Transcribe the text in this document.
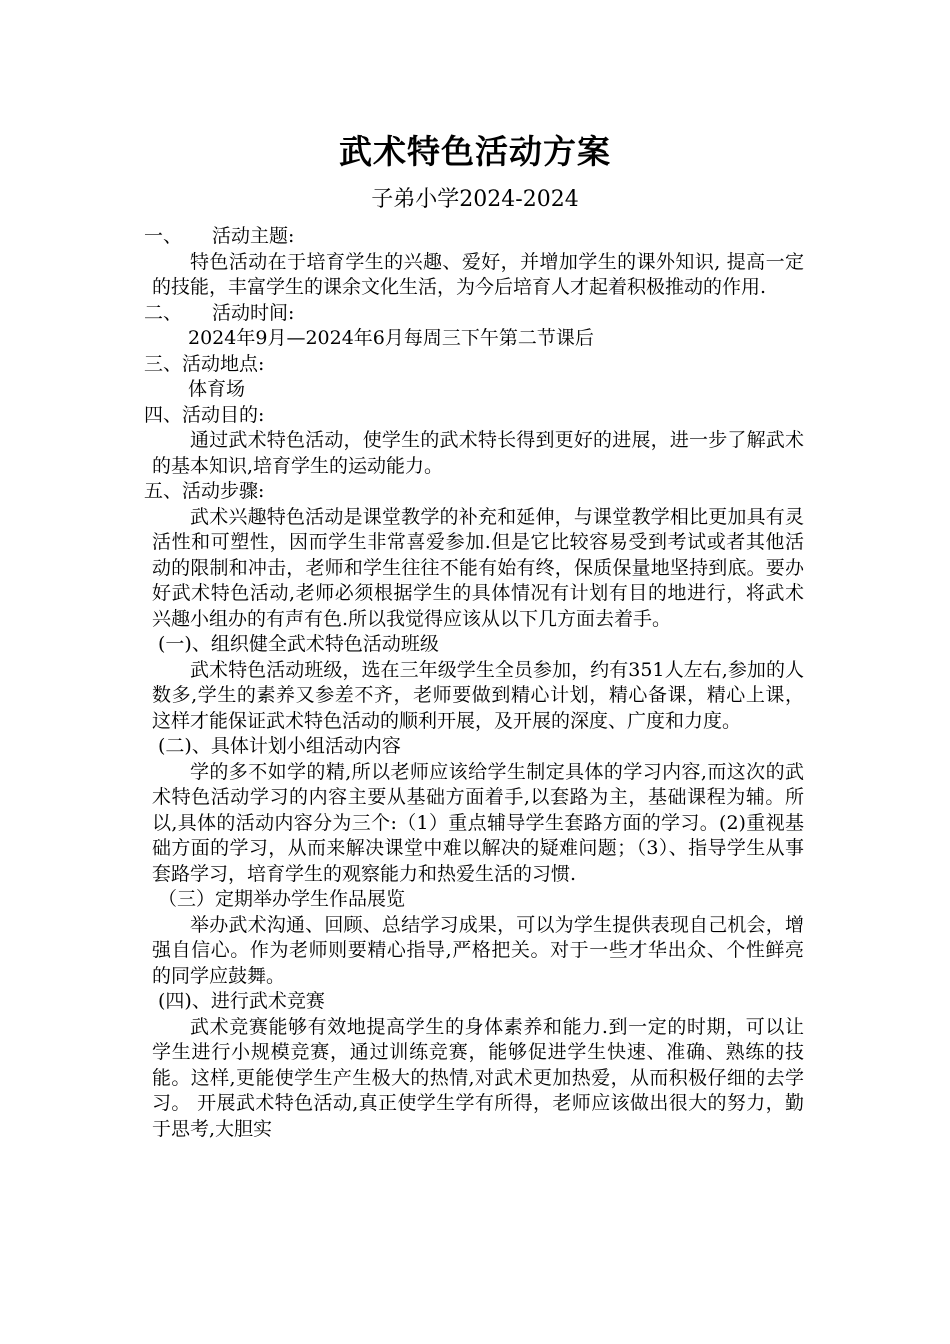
武术特色活动方案
子弟小学2024-2024
一、 活动主题:
特色活动在于培育学生的兴趣、爱好，并增加学生的课外知识, 提高一定的技能，丰富学生的课余文化生活，为今后培育人才起着积极推动的作用.
二、 活动时间:
2024年9月—2024年6月每周三下午第二节课后
三、活动地点:
体育场
四、活动目的:
通过武术特色活动，使学生的武术特长得到更好的进展，进一步了解武术的基本知识,培育学生的运动能力。
五、活动步骤:
武术兴趣特色活动是课堂教学的补充和延伸，与课堂教学相比更加具有灵活性和可塑性，因而学生非常喜爱参加.但是它比较容易受到考试或者其他活动的限制和冲击，老师和学生往往不能有始有终，保质保量地坚持到底。要办好武术特色活动,老师必须根据学生的具体情况有计划有目的地进行，将武术兴趣小组办的有声有色.所以我觉得应该从以下几方面去着手。
(一)、组织健全武术特色活动班级
武术特色活动班级，选在三年级学生全员参加，约有351人左右,参加的人数多,学生的素养又参差不齐，老师要做到精心计划，精心备课，精心上课，这样才能保证武术特色活动的顺利开展，及开展的深度、广度和力度。
(二)、具体计划小组活动内容
学的多不如学的精,所以老师应该给学生制定具体的学习内容,而这次的武术特色活动学习的内容主要从基础方面着手,以套路为主，基础课程为辅。所以,具体的活动内容分为三个:（1）重点辅导学生套路方面的学习。(2)重视基础方面的学习，从而来解决课堂中难以解决的疑难问题；（3）、指导学生从事套路学习，培育学生的观察能力和热爱生活的习惯.
（三）定期举办学生作品展览
举办武术沟通、回顾、总结学习成果，可以为学生提供表现自己机会，增强自信心。作为老师则要精心指导,严格把关。对于一些才华出众、个性鲜亮的同学应鼓舞。
(四)、进行武术竞赛
武术竞赛能够有效地提高学生的身体素养和能力.到一定的时期，可以让学生进行小规模竞赛，通过训练竞赛，能够促进学生快速、准确、熟练的技能。这样,更能使学生产生极大的热情,对武术更加热爱，从而积极仔细的去学习。 开展武术特色活动,真正使学生学有所得，老师应该做出很大的努力，勤于思考,大胆实
